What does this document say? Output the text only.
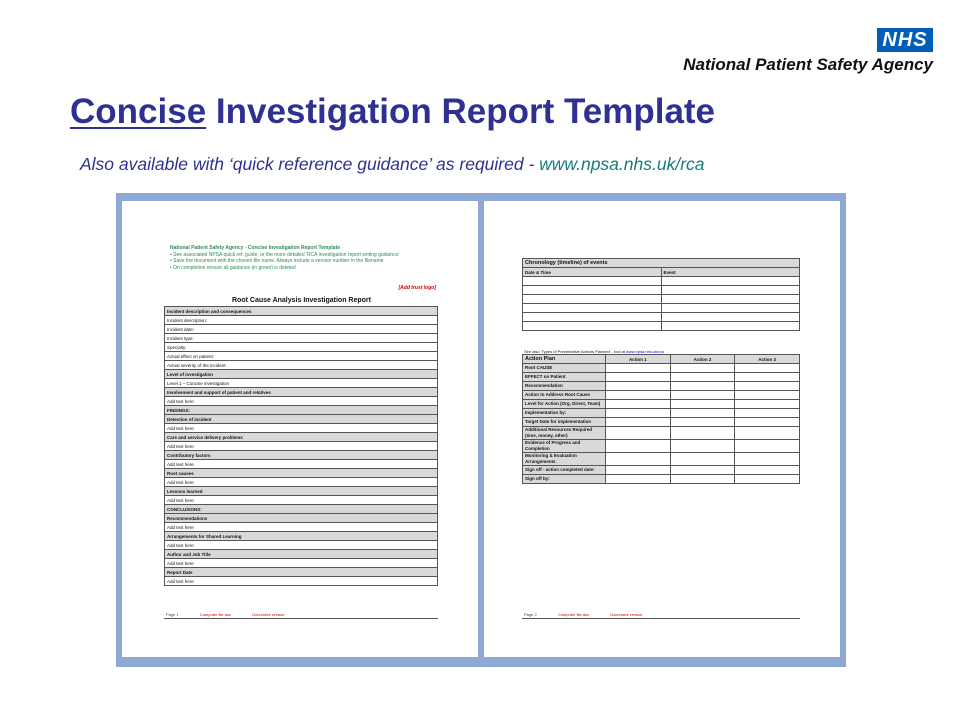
NHS
National Patient Safety Agency
Concise Investigation Report Template
Also available with ‘quick reference guidance’ as required - www.npsa.nhs.uk/rca
National Patient Safety Agency - Concise Investigation Report Template
• See associated NPSA quick ref. guide, or the more detailed 'RCA investigation report writing guidance'
• Save the document with the chosen file name. Always include a version number in the filename
• On completion ensure all guidance (in green) is deleted
[Add trust logo]
Root Cause Analysis Investigation Report
Incident description and consequences
Incident description:
Incident date:
Incident type:
Specialty:
Actual effect on patient:
Actual severity of the incident:
Level of investigation
Level 1 – Concise investigation
Involvement and support of patient and relatives
Add text here
FINDINGS:
Detection of incident
Add text here
Care and service delivery problems
Add text here
Contributory factors
Add text here
Root causes
Add text here
Lessons learned
Add text here
CONCLUSIONS:
Recommendations
Add text here
Arrangements for Shared Learning
Add text here
Author and Job Title
Add text here
Report Date
Add text here
Page 1	Computer file.doc	Document version
Chronology (timeline) of events	
Date & Time	Event

See also 'Types of Preventative Actions Planned' - tool at www.npsa.nhs.uk/rca
Action Plan	Action 1	Action 2	Action 3
Root CAUSE			
EFFECT on Patient			
Recommendation			
Action to Address Root Cause			
Level for Action (Org, Direct, Team)			
Implementation by:			
Target Date for implementation			
Additional Resources Required (time, money, other)			
Evidence of Progress and Completion			
Monitoring & Evaluation Arrangements			
Sign off - action completed date:			
Sign off by:			
Page 2	Computer file.doc	Document version
